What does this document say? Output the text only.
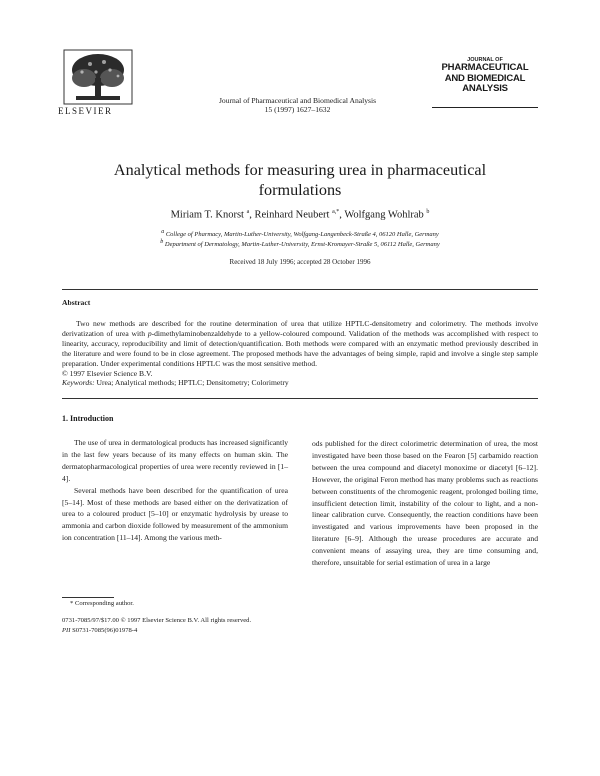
ELSEVIER
Journal of Pharmaceutical and Biomedical Analysis
15 (1997) 1627–1632
JOURNAL OF
PHARMACEUTICAL
AND BIOMEDICAL
ANALYSIS
Analytical methods for measuring urea in pharmaceutical
formulations
Miriam T. Knorst $^a$, Reinhard Neubert $^{a,*}$, Wolfgang Wohlrab $^b$
$^a$ College of Pharmacy, Martin-Luther-University, Wolfgang-Langenbeck-Straße 4, 06120 Halle, Germany
$^b$ Department of Dermatology, Martin-Luther-University, Ernst-Kromayer-Straße 5, 06112 Halle, Germany
Received 18 July 1996; accepted 28 October 1996
Abstract
Two new methods are described for the routine determination of urea that utilize HPTLC-densitometry and colorimetry. The methods involve derivatization of urea with p-dimethylaminobenzaldehyde to a yellow-coloured compound. Validation of the methods was accomplished with respect to linearity, accuracy, reproducibility and limit of detection/quantification. Both methods were compared with an enzymatic method previously described in the literature and were found to be in close agreement. The proposed methods have the advantages of being simple, rapid and involve a single step sample preparation. Under experimental conditions HPTLC was the most sensitive method.
© 1997 Elsevier Science B.V.
Keywords: Urea; Analytical methods; HPTLC; Densitometry; Colorimetry
1. Introduction

The use of urea in dermatological products has increased significantly in the last few years because of its many effects on human skin. The dermatopharmacological properties of urea were recently reviewed in [1–4].

Several methods have been described for the quantification of urea [5–14]. Most of these methods are based either on the derivatization of urea to a coloured product [5–10] or enzymatic hydrolysis by urease to ammonia and carbon dioxide followed by measurement of the ammonium ion concentration [11–14]. Among the various meth-

ods published for the direct colorimetric determination of urea, the most investigated have been those based on the Fearon [5] carbamido reaction between the urea compound and diacetyl monoxime or diacetyl [6–12]. However, the original Feron method has many problems such as reactions between constituents of the chromogenic reagent, prolonged boiling time, insufficient detection limit, instability of the colour to light, and a non-linear calibration curve. Consequently, the reaction conditions have been investigated and various improvements have been proposed in the literature [6–9]. Although the urease procedures are accurate and convenient means of assaying urea, they are time consuming and, therefore, unsuitable for serial estimation of urea in a large

* Corresponding author.
0731-7085/97/$17.00 © 1997 Elsevier Science B.V. All rights reserved.
PII S0731-7085(96)01978-4
